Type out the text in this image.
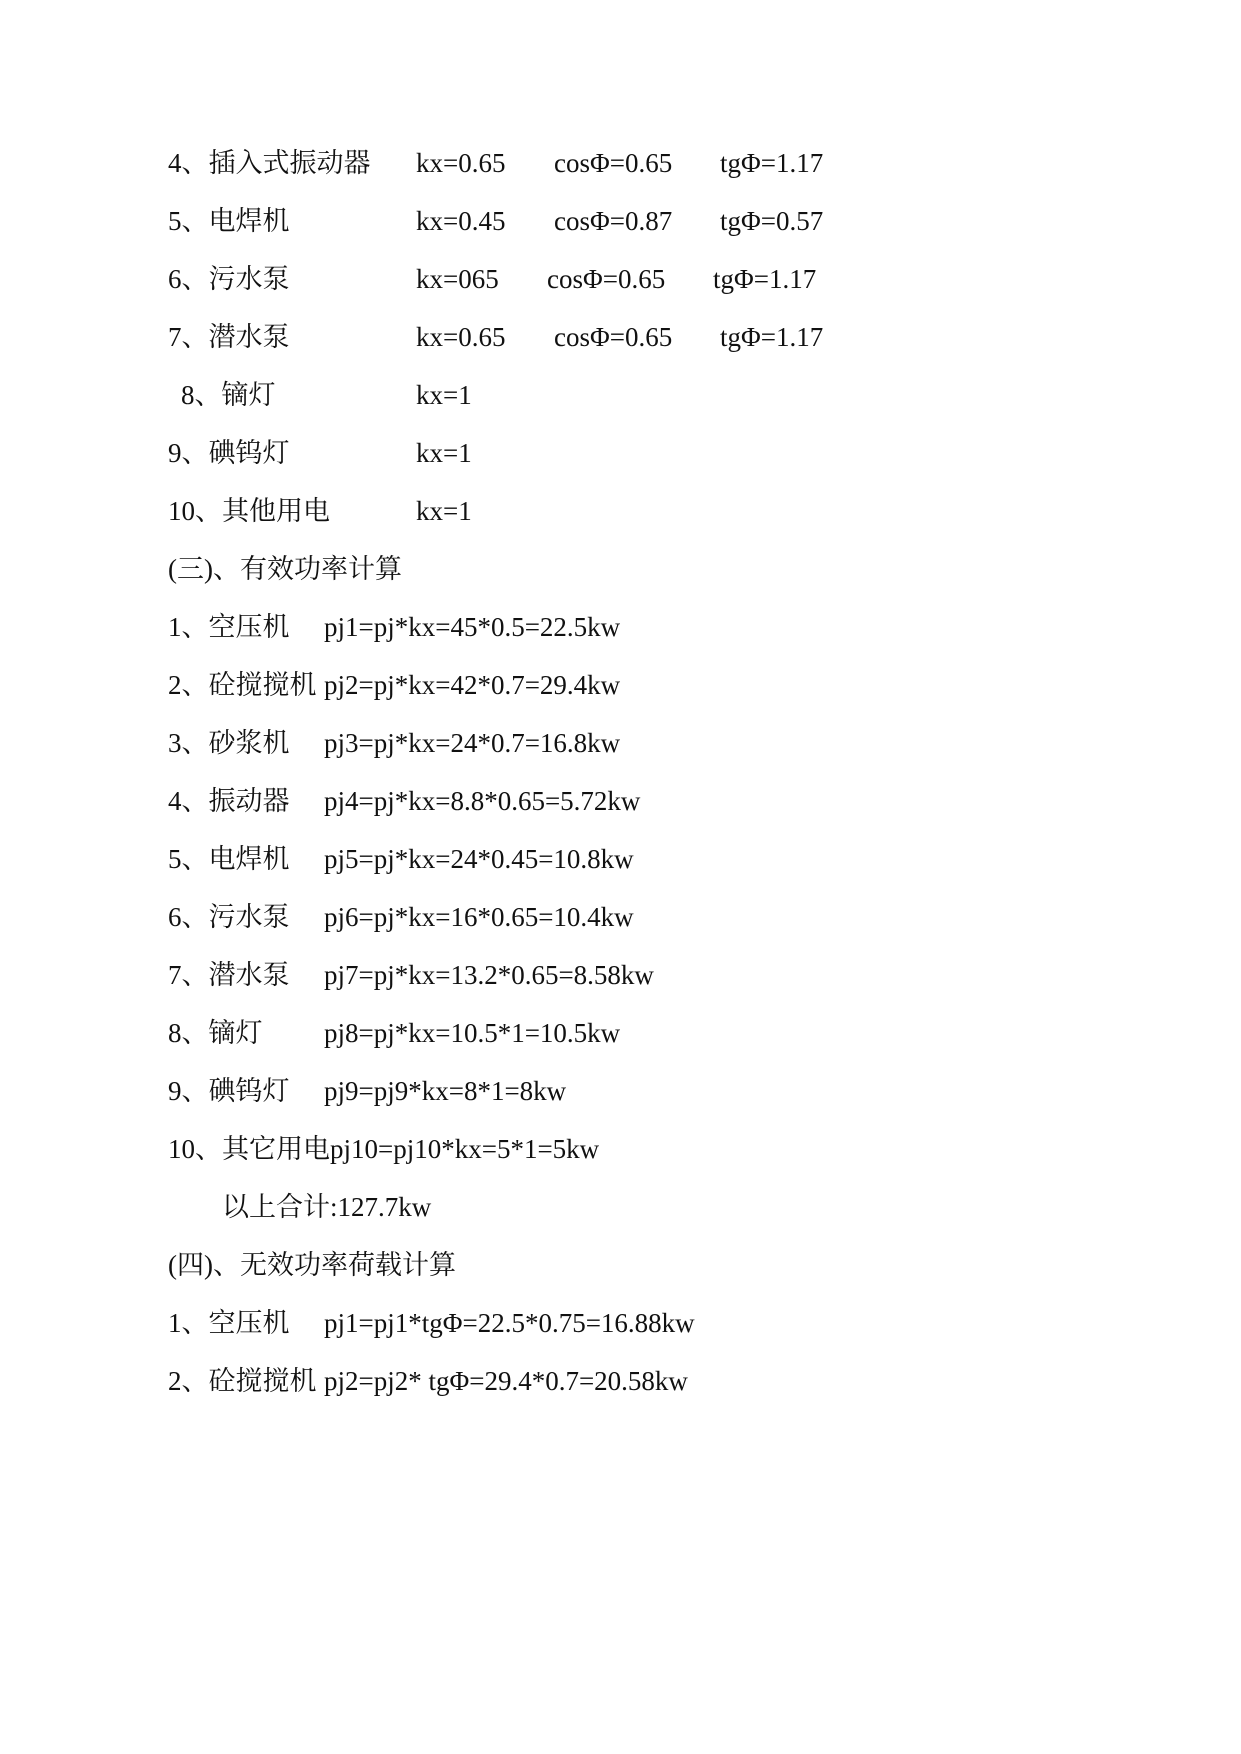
4、插入式振动器 kx=0.65 cosΦ=0.65 tgΦ=1.17
5、电焊机	kx=0.45 cosΦ=0.87 tgΦ=0.57
6、污水泵	kx=065 cosΦ=0.65 tgΦ=1.17
7、潜水泵	kx=0.65 cosΦ=0.65 tgΦ=1.17
8、镝灯	kx=1
9、碘钨灯	kx=1
10、其他用电	kx=1
(三)、有效功率计算
1、空压机 pj1=pj*kx=45*0.5=22.5kw
2、砼搅搅机 pj2=pj*kx=42*0.7=29.4kw
3、砂浆机 pj3=pj*kx=24*0.7=16.8kw
4、振动器 pj4=pj*kx=8.8*0.65=5.72kw
5、电焊机 pj5=pj*kx=24*0.45=10.8kw
6、污水泵 pj6=pj*kx=16*0.65=10.4kw
7、潜水泵 pj7=pj*kx=13.2*0.65=8.58kw
8、镝灯 pj8=pj*kx=10.5*1=10.5kw
9、碘钨灯 pj9=pj9*kx=8*1=8kw
10、其它用电 pj10=pj10*kx=5*1=5kw
以上合计:127.7kw
(四)、无效功率荷载计算
1、空压机 pj1=pj1*tgΦ=22.5*0.75=16.88kw
2、砼搅搅机 pj2=pj2* tgΦ=29.4*0.7=20.58kw
